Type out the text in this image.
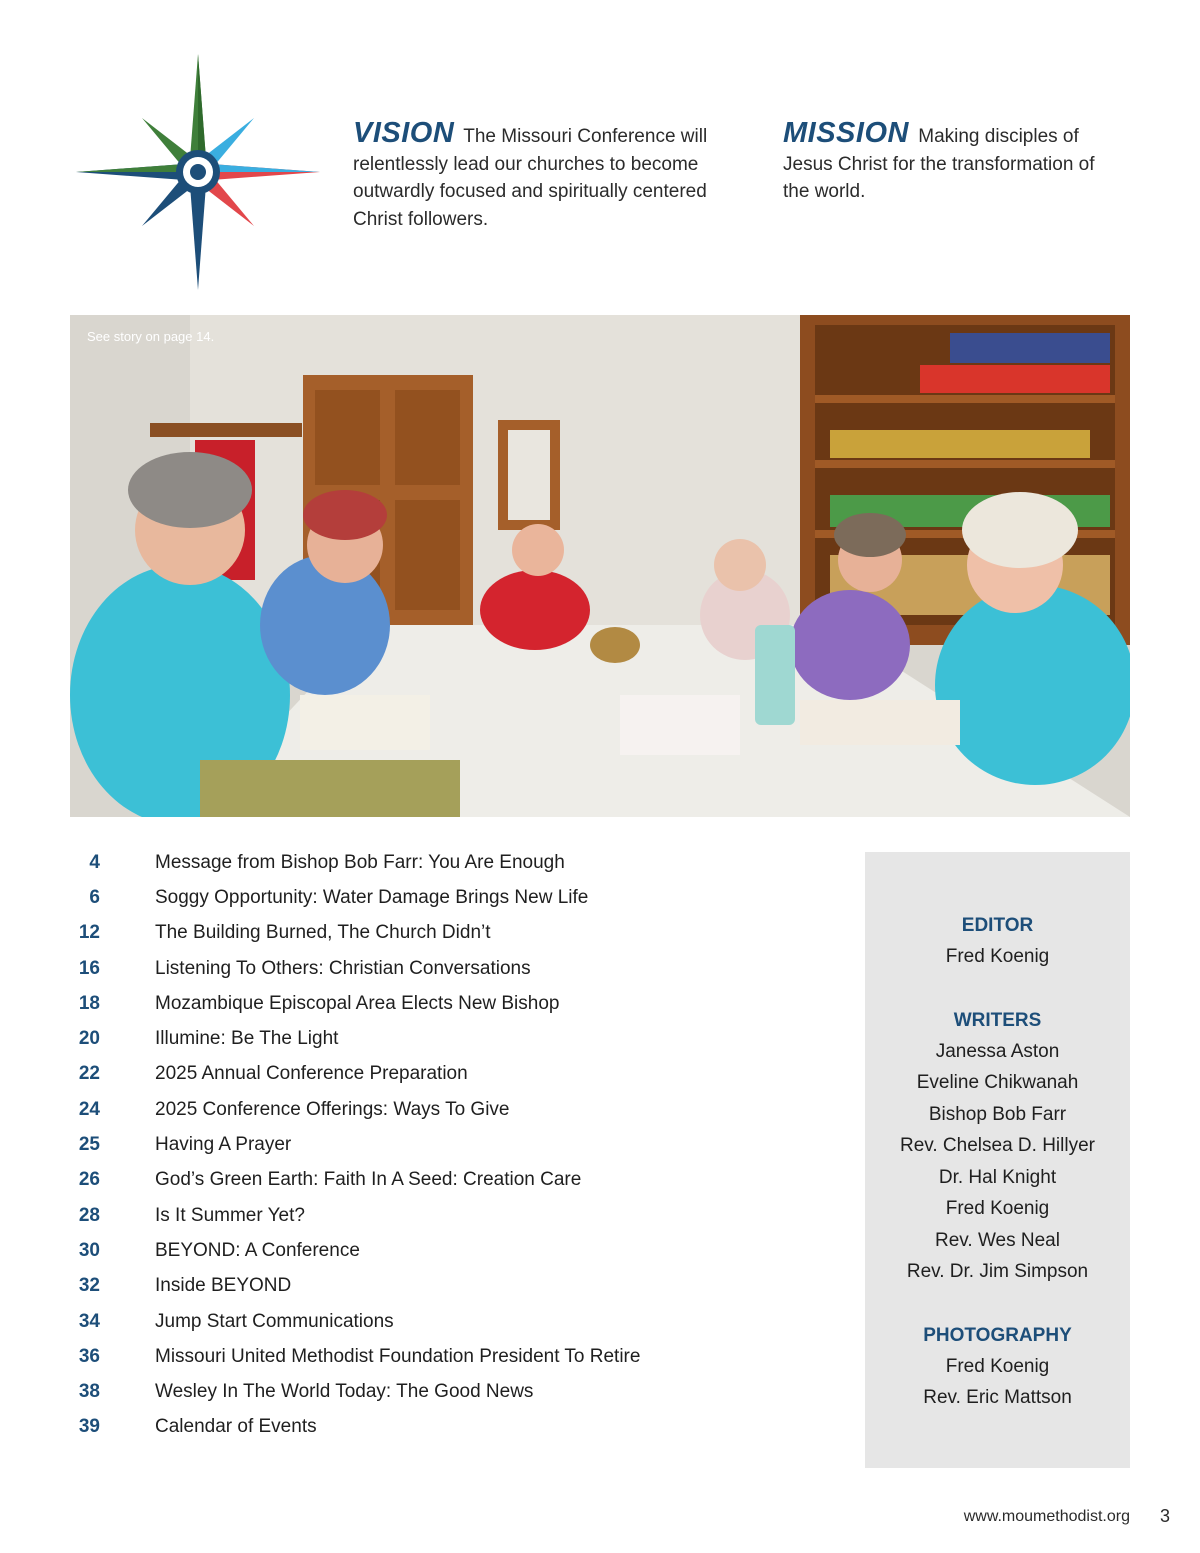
VISION The Missouri Conference will relentlessly lead our churches to become outwardly focused and spiritually centered Christ followers.
MISSION Making disciples of Jesus Christ for the transformation of the world.
See story on page 14.
4	Message from Bishop Bob Farr: You Are Enough
6	Soggy Opportunity: Water Damage Brings New Life
12	The Building Burned, The Church Didn’t
16	Listening To Others: Christian Conversations
18	Mozambique Episcopal Area Elects New Bishop
20	Illumine: Be The Light
22	2025 Annual Conference Preparation
24	2025 Conference Offerings: Ways To Give
25	Having A Prayer
26	God’s Green Earth: Faith In A Seed: Creation Care
28	Is It Summer Yet?
30	BEYOND: A Conference
32	Inside BEYOND
34	Jump Start Communications
36	Missouri United Methodist Foundation President To Retire
38	Wesley In The World Today: The Good News
39	Calendar of Events
EDITOR
Fred Koenig
WRITERS
Janessa Aston
Eveline Chikwanah
Bishop Bob Farr
Rev. Chelsea D. Hillyer
Dr. Hal Knight
Fred Koenig
Rev. Wes Neal
Rev. Dr. Jim Simpson
PHOTOGRAPHY
Fred Koenig
Rev. Eric Mattson
www.moumethodist.org 3
